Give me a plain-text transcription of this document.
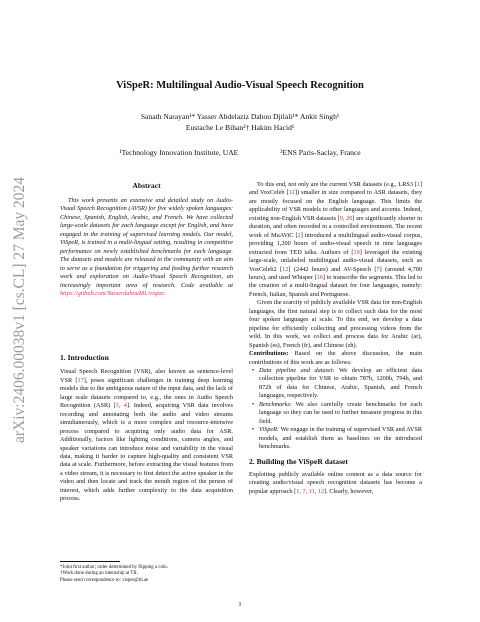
arXiv:2406.00038v1 [cs.CL] 27 May 2024
ViSpeR: Multilingual Audio-Visual Speech Recognition
Sanath Narayan¹* Yasser Abdelaziz Dahou Djilali¹* Ankit Singh¹
Eustache Le Bihan²† Hakim Hacid¹
¹Technology Innovation Institute, UAE	²ENS Paris-Saclay, France
Abstract

This work presents an extensive and detailed study on Audio-Visual Speech Recognition (AVSR) for five widely spoken languages: Chinese, Spanish, English, Arabic, and French. We have collected large-scale datasets for each language except for English, and have engaged in the training of supervised learning models. Our model, ViSpeR, is trained in a multi-lingual setting, resulting in competitive performance on newly established benchmarks for each language. The datasets and models are released to the community with an aim to serve as a foundation for triggering and feeding further research work and exploration on Audio-Visual Speech Recognition, an increasingly important area of research. Code available at https://github.com/YasserdahouML/visper.

1. Introduction

Visual Speech Recognition (VSR), also known as sentence-level VSR [17], poses significant challenges in training deep learning models due to the ambiguous nature of the input data, and the lack of large scale datasets compared to, e.g., the ones in Audio Speech Recognition (ASR) [3, 4]. Indeed, acquiring VSR data involves recording and annotating both the audio and video streams simultaneously, which is a more complex and resource-intensive process compared to acquiring only audio data for ASR. Additionally, factors like lighting conditions, camera angles, and speaker variations can introduce noise and variability in the visual data, making it harder to capture high-quality and consistent VSR data at scale. Furthermore, before extracting the visual features from a video stream, it is necessary to first detect the active speaker in the video and then locate and track the mouth region of the person of interest, which adds further complexity to the data acquisition process.

*Joint first author; order determined by flipping a coin.
†Work done during an internship at TII.
Please send correspondence to: visper@tii.ae

To this end, not only are the current VSR datasets (e.g., LRS3 [1] and VoxCeleb [12]) smaller in size compared to ASR datasets, they are mostly focused on the English language. This limits the applicability of VSR models to other languages and accents. Indeed, existing non-English VSR datasets [9, 20] are significantly shorter in duration, and often recorded in a controlled environment. The recent work of MuAViC [2] introduced a multilingual audio-visual corpus, providing 1,200 hours of audio-visual speech in nine languages extracted from TED talks. Authors of [19] leveraged the existing large-scale, unlabeled multilingual audio-visual datasets, such as VoxCeleb2 [12] (2442 hours) and AV-Speech [7] (around 4,700 hours), and used Whisper [16] to transcribe the segments. This led to the creation of a multi-lingual dataset for four languages, namely: French, Italian, Spanish and Portuguese.

Given the scarcity of publicly available VSR data for non-English languages, the first natural step is to collect such data for the most four spoken languages at scale. To this end, we develop a data pipeline for efficiently collecting and processing videos from the wild. In this work, we collect and process data for Arabic (ar), Spanish (es), French (fr), and Chinese (zh).

Contributions: Based on the above discussion, the main contributions of this work are as follows:

• Data pipeline and dataset: We develop an efficient data collection pipeline for VSR to obtain 787h, 1200h, 794h, and 872h of data for Chinese, Arabic, Spanish, and French languages, respectively.
• Benchmarks: We also carefully create benchmarks for each language so they can be used to further measure progress in this field.
• ViSpeR: We engage in the training of supervised VSR and AVSR models, and establish them as baselines on the introduced benchmarks.
2. Building the ViSpeR dataset

Exploiting publicly available online content as a data source for creating audio/visual speech recognition datasets has become a popular approach [1, 7, 11, 12]. Clearly, however,

1
